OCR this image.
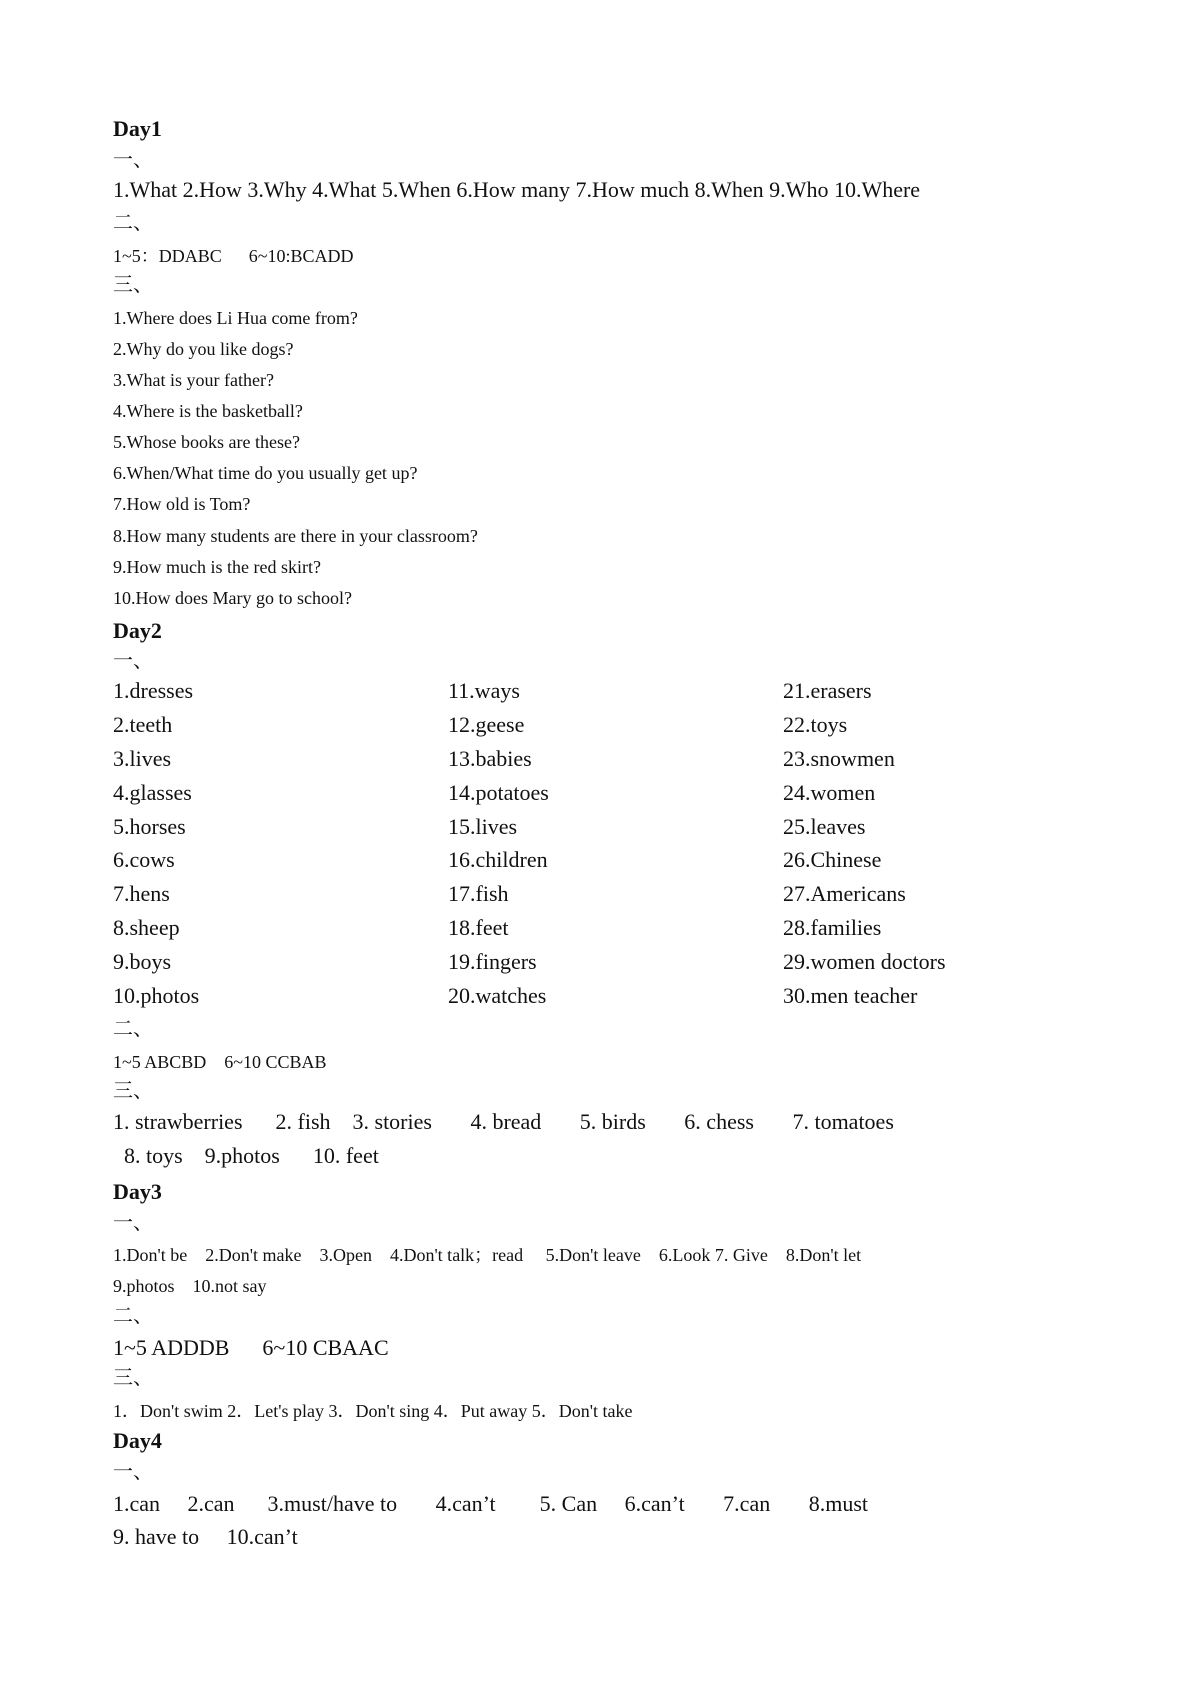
Day1
一、
1.What 2.How 3.Why 4.What 5.When 6.How many 7.How much 8.When 9.Who 10.Where
二、
1~5：DDABC      6~10:BCADD
三、
1.Where does Li Hua come from?
2.Why do you like dogs?
3.What is your father?
4.Where is the basketball?
5.Whose books are these?
6.When/What time do you usually get up?
7.How old is Tom?
8.How many students are there in your classroom?
9.How much is the red skirt?
10.How does Mary go to school?
Day2
一、
1.dresses
2.teeth
3.lives
4.glasses
5.horses
6.cows
7.hens
8.sheep
9.boys
10.photos
11.ways
12.geese
13.babies
14.potatoes
15.lives
16.children
17.fish
18.feet
19.fingers
20.watches
21.erasers
22.toys
23.snowmen
24.women
25.leaves
26.Chinese
27.Americans
28.families
29.women doctors
30.men teacher
二、
1~5 ABCBD    6~10 CCBAB
三、
1. strawberries      2. fish    3. stories       4. bread       5. birds       6. chess       7. tomatoes
8. toys    9.photos      10. feet
Day3
一、
1.Don't be    2.Don't make    3.Open    4.Don't talk；read     5.Don't leave    6.Look 7. Give    8.Don't let
9.photos    10.not say
二、
1~5 ADDDB      6~10 CBAAC
三、
1．Don't swim 2．Let's play 3．Don't sing 4．Put away 5．Don't take
Day4
一、
1.can     2.can      3.must/have to       4.can’t        5. Can     6.can’t       7.can       8.must
9. have to     10.can’t
